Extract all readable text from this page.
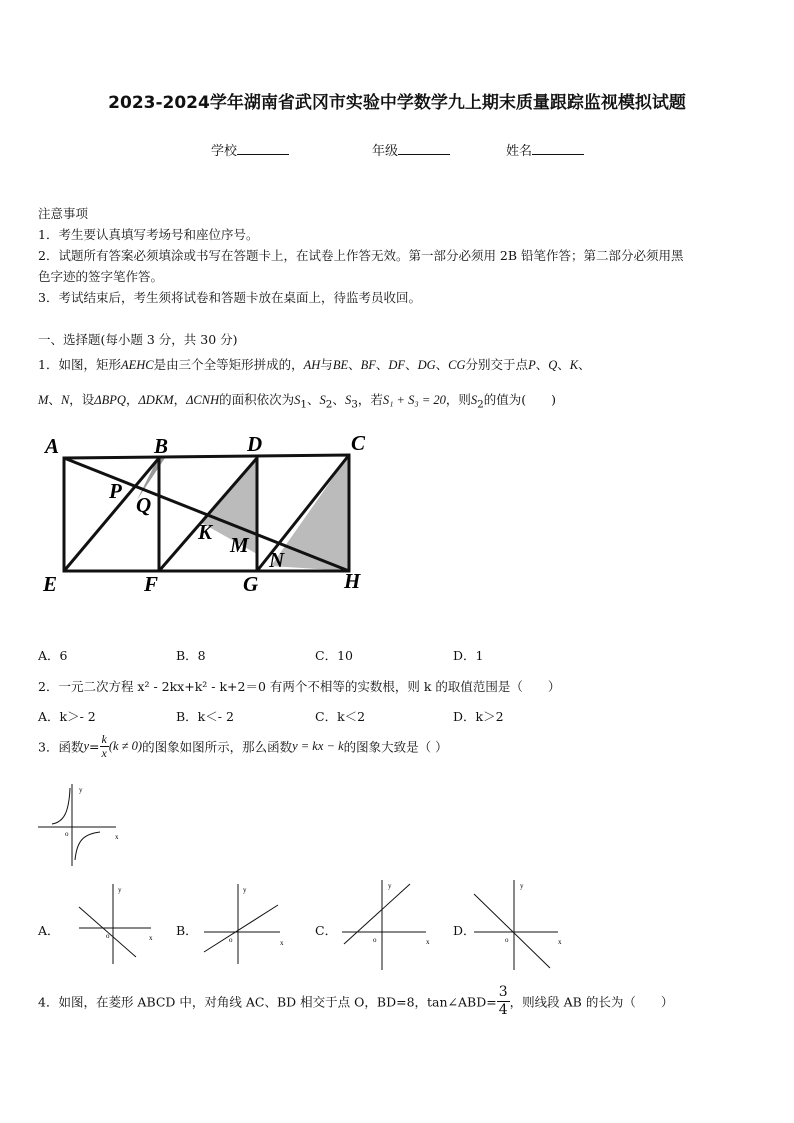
2023-2024学年湖南省武冈市实验中学数学九上期末质量跟踪监视模拟试题
学校	年级	姓名
注意事项
1．考生要认真填写考场号和座位序号。
2．试题所有答案必须填涂或书写在答题卡上，在试卷上作答无效。第一部分必须用 2B 铅笔作答；第二部分必须用黑
色字迹的签字笔作答。
3．考试结束后，考生须将试卷和答题卡放在桌面上，待监考员收回。
一、选择题(每小题 3 分，共 30 分)
1．如图，矩形AEHC是由三个全等矩形拼成的，AH与BE、BF、DF、DG、CG分别交于点P、Q、K、
M、N，设ΔBPQ，ΔDKM，ΔCNH的面积依次为$S_1$、$S_2$、$S_3$，若S₁ + S₃ = 20，则$S_2$的值为(　　)
A	B	D	C
E	F	G	H
P
Q
K
M
N
A．6	B．8	C．10	D．1
2．一元二次方程 x² - 2kx+k² - k+2＝0 有两个不相等的实数根，则 k 的取值范围是（　　）
A．k＞- 2	B．k＜- 2	C．k＜2	D．k＞2
3．函数$y= \frac{k}{x} (k \ne 0)$的图象如图所示，那么函数y = kx − k的图象大致是（ ）
y
x
o
A．
y
x
o	B．
y
x
o
C．
y
x
o
D．
y
x
o
4．如图，在菱形 ABCD 中，对角线 AC、BD 相交于点 O，BD=8，tan∠ABD= $\frac{3}{4}$ ，则线段 AB 的长为（　　）
